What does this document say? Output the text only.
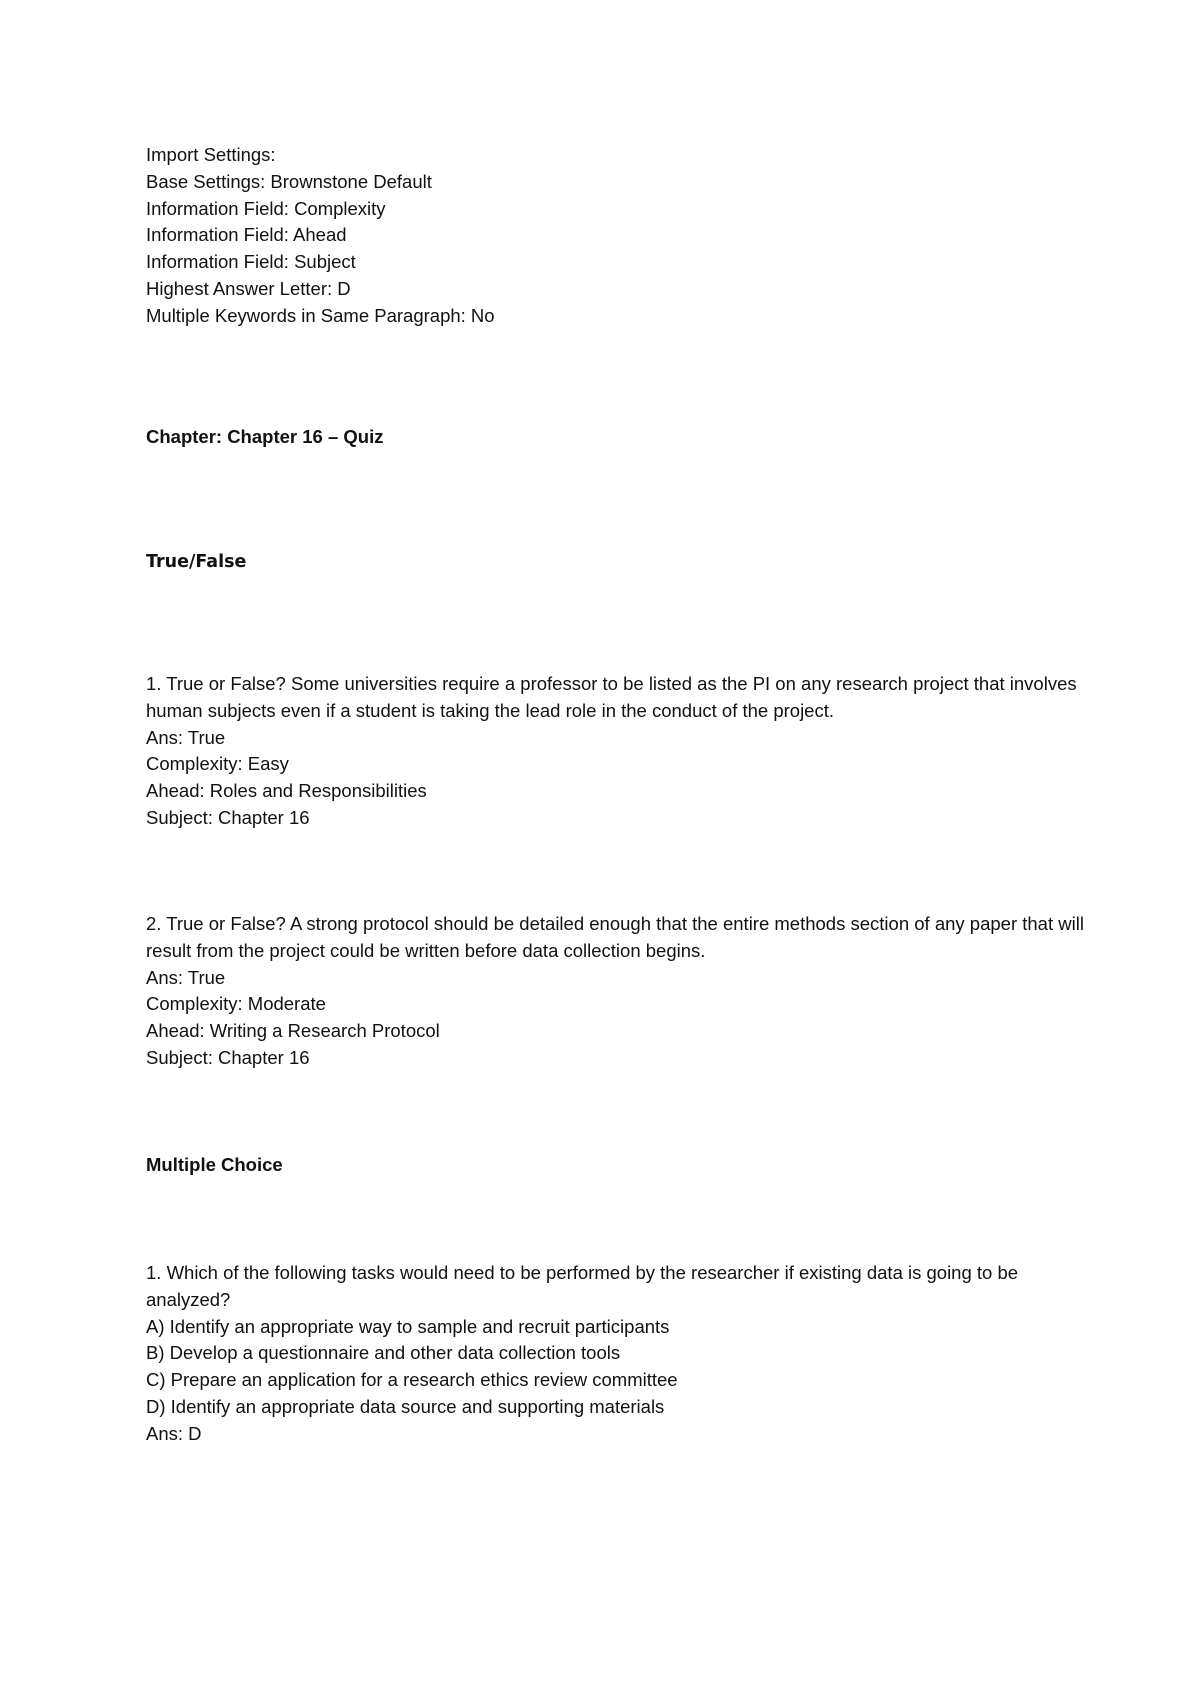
Import Settings:
Base Settings: Brownstone Default
Information Field: Complexity
Information Field: Ahead
Information Field: Subject
Highest Answer Letter: D
Multiple Keywords in Same Paragraph: No
Chapter: Chapter 16 – Quiz
True/False
1. True or False? Some universities require a professor to be listed as the PI on any research project that involves human subjects even if a student is taking the lead role in the conduct of the project.
Ans: True
Complexity: Easy
Ahead: Roles and Responsibilities
Subject: Chapter 16
2. True or False? A strong protocol should be detailed enough that the entire methods section of any paper that will result from the project could be written before data collection begins.
Ans: True
Complexity: Moderate
Ahead: Writing a Research Protocol
Subject: Chapter 16
Multiple Choice
1. Which of the following tasks would need to be performed by the researcher if existing data is going to be analyzed?
A) Identify an appropriate way to sample and recruit participants
B) Develop a questionnaire and other data collection tools
C) Prepare an application for a research ethics review committee
D) Identify an appropriate data source and supporting materials
Ans: D
